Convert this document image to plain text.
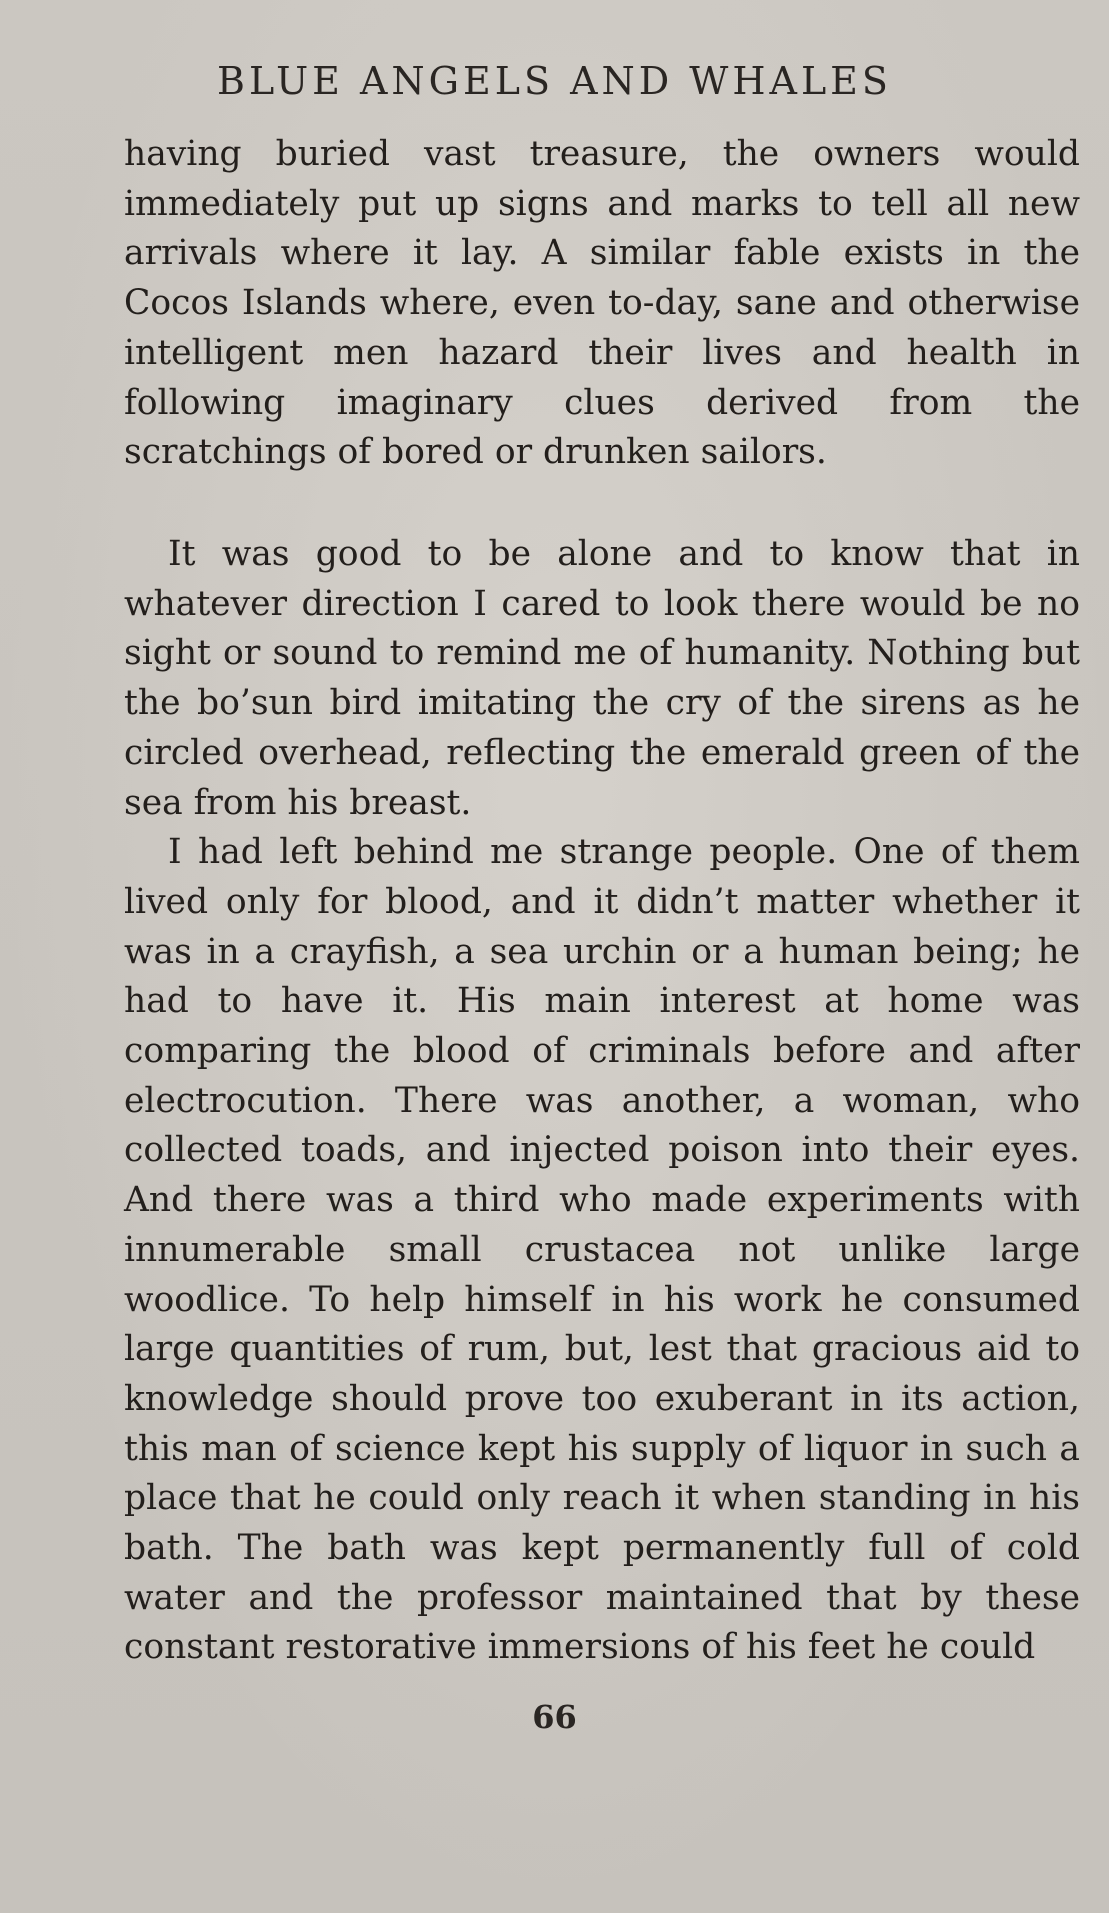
BLUE ANGELS AND WHALES

having buried vast treasure, the owners would immediately put up signs and marks to tell all new arrivals where it lay. A similar fable exists in the Cocos Islands where, even to-day, sane and otherwise intelligent men hazard their lives and health in following imaginary clues derived from the scratchings of bored or drunken sailors.

It was good to be alone and to know that in whatever direction I cared to look there would be no sight or sound to remind me of humanity. Nothing but the bo’sun bird imitating the cry of the sirens as he circled overhead, reflecting the emerald green of the sea from his breast.

I had left behind me strange people. One of them lived only for blood, and it didn’t matter whether it was in a crayfish, a sea urchin or a human being; he had to have it. His main interest at home was comparing the blood of criminals before and after electrocution. There was another, a woman, who collected toads, and injected poison into their eyes. And there was a third who made experiments with innumerable small crustacea not unlike large woodlice. To help himself in his work he consumed large quantities of rum, but, lest that gracious aid to knowledge should prove too exuberant in its action, this man of science kept his supply of liquor in such a place that he could only reach it when standing in his bath. The bath was kept permanently full of cold water and the professor maintained that by these constant restorative immersions of his feet he could

66
